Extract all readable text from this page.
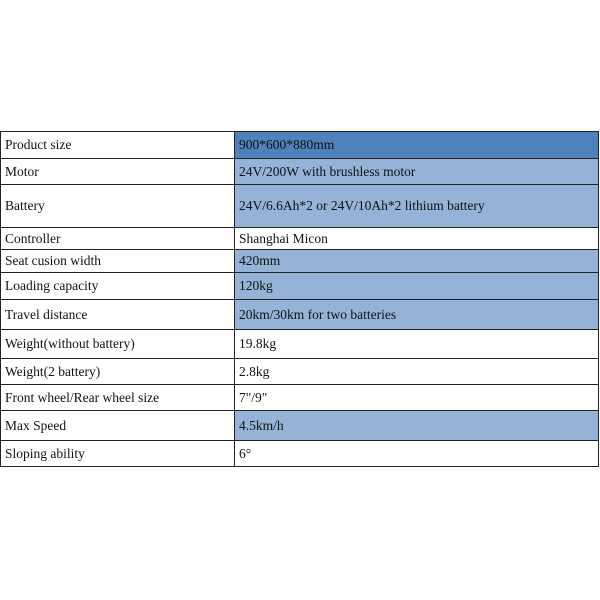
Product size	900*600*880mm
Motor	24V/200W with brushless motor
Battery	24V/6.6Ah*2 or 24V/10Ah*2 lithium battery
Controller	Shanghai Micon
Seat cusion width	420mm
Loading capacity	120kg
Travel distance	20km/30km for two batteries
Weight(without battery)	19.8kg
Weight(2 battery)	2.8kg
Front wheel/Rear wheel size	7"/9"
Max Speed	4.5km/h
Sloping ability	6°
